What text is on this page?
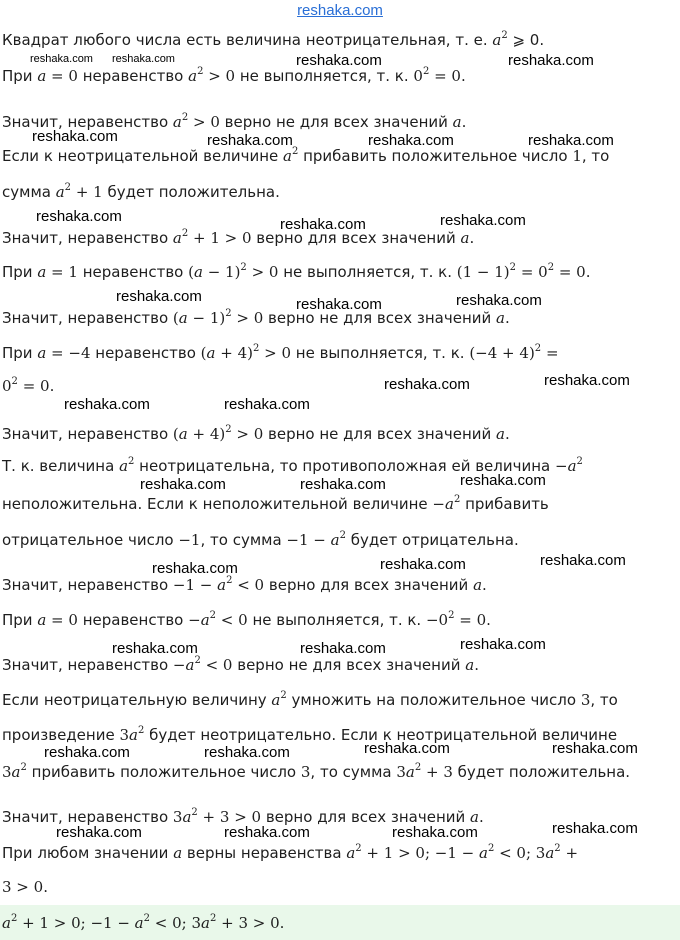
reshaka.com
Квадрат любого числа есть величина неотрицательная, т. е. $a^2$ ⩾ 0.
При a = 0 неравенство $a^2 > 0$ не выполняется, т. к. $0^2 = 0$.
Значит, неравенство $a^2 > 0$ верно не для всех значений a.
Если к неотрицательной величине $a^2$ прибавить положительное число 1, то
сумма $a^2 + 1$ будет положительна.
Значит, неравенство $a^2 + 1 > 0$ верно для всех значений a.
При a = 1 неравенство $(a - 1)^2 > 0$ не выполняется, т. к. $(1 - 1)^2 = 0^2 = 0$.
Значит, неравенство $(a - 1)^2 > 0$ верно не для всех значений a.
При a = −4 неравенство $(a + 4)^2 > 0$ не выполняется, т. к. $(-4 + 4)^2$ =
$0^2 = 0$.
Значит, неравенство $(a + 4)^2 > 0$ верно не для всех значений a.
Т. к. величина $a^2$ неотрицательна, то противоположная ей величина $-a^2$
неположительна. Если к неположительной величине $-a^2$ прибавить
отрицательное число −1, то сумма $-1 - a^2$ будет отрицательна.
Значит, неравенство $-1 - a^2 < 0$ верно для всех значений a.
При a = 0 неравенство $-a^2 < 0$ не выполняется, т. к. $-0^2 = 0$.
Значит, неравенство $-a^2 < 0$ верно не для всех значений a.
Если неотрицательную величину $a^2$ умножить на положительное число 3, то
произведение $3a^2$ будет неотрицательно. Если к неотрицательной величине
$3a^2$ прибавить положительное число 3, то сумма $3a^2 + 3$ будет положительна.
Значит, неравенство $3a^2 + 3 > 0$ верно для всех значений a.
При любом значении a верны неравенства $a^2 + 1 > 0$; $-1 - a^2 < 0$; $3a^2$ +
3 > 0.
$a^2 + 1 > 0$; $-1 - a^2 < 0$; $3a^2 + 3 > 0$.
reshaka.com reshaka.com	reshaka.com	reshaka.com
reshaka.com	reshaka.com	reshaka.com	reshaka.com
reshaka.com	reshaka.com	reshaka.com
reshaka.com	reshaka.com	reshaka.com
reshaka.com	reshaka.com
reshaka.com	reshaka.com
reshaka.com	reshaka.com	reshaka.com
reshaka.com	reshaka.com	reshaka.com
reshaka.com	reshaka.com	reshaka.com
reshaka.com	reshaka.com	reshaka.com	reshaka.com
reshaka.com	reshaka.com	reshaka.com	reshaka.com
